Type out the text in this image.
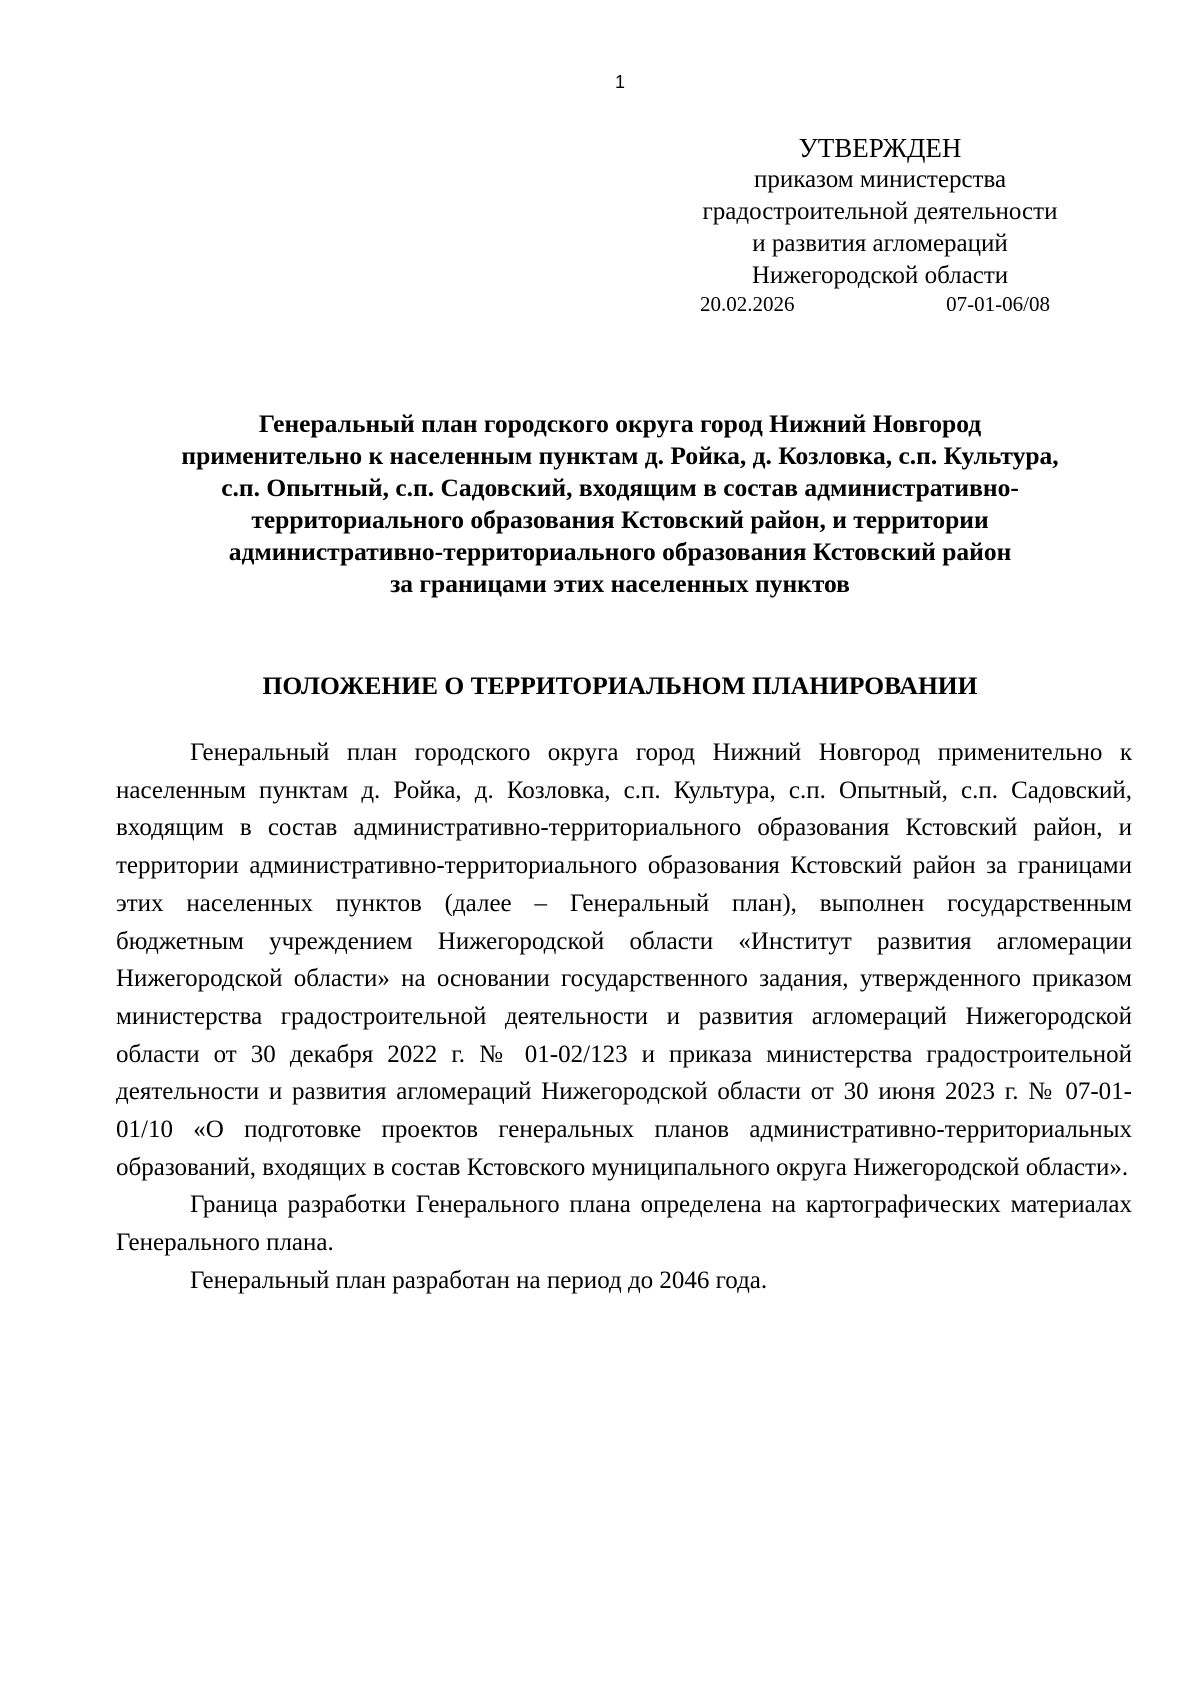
1
УТВЕРЖДЕН
приказом министерства
градостроительной деятельности
и развития агломераций
Нижегородской области
20.02.2026	07-01-06/08
Генеральный план городского округа город Нижний Новгород
применительно к населенным пунктам д. Ройка, д. Козловка, с.п. Культура,
с.п. Опытный, с.п. Садовский, входящим в состав административно-
территориального образования Кстовский район, и территории
административно-территориального образования Кстовский район
за границами этих населенных пунктов
ПОЛОЖЕНИЕ О ТЕРРИТОРИАЛЬНОМ ПЛАНИРОВАНИИ

Генеральный план городского округа город Нижний Новгород применительно к населенным пунктам д. Ройка, д. Козловка, с.п. Культура, с.п. Опытный, с.п. Садовский, входящим в состав административно-территориального образования Кстовский район, и территории административно-территориального образования Кстовский район за границами этих населенных пунктов (далее – Генеральный план), выполнен государственным бюджетным учреждением Нижегородской области «Институт развития агломерации Нижегородской области» на основании государственного задания, утвержденного приказом министерства градостроительной деятельности и развития агломераций Нижегородской области от 30 декабря 2022 г. № 01-02/123 и приказа министерства градостроительной деятельности и развития агломераций Нижегородской области от 30 июня 2023 г. № 07-01-01/10 «О подготовке проектов генеральных планов административно-территориальных образований, входящих в состав Кстовского муниципального округа Нижегородской области».

Граница разработки Генерального плана определена на картографических материалах Генерального плана.

Генеральный план разработан на период до 2046 года.
